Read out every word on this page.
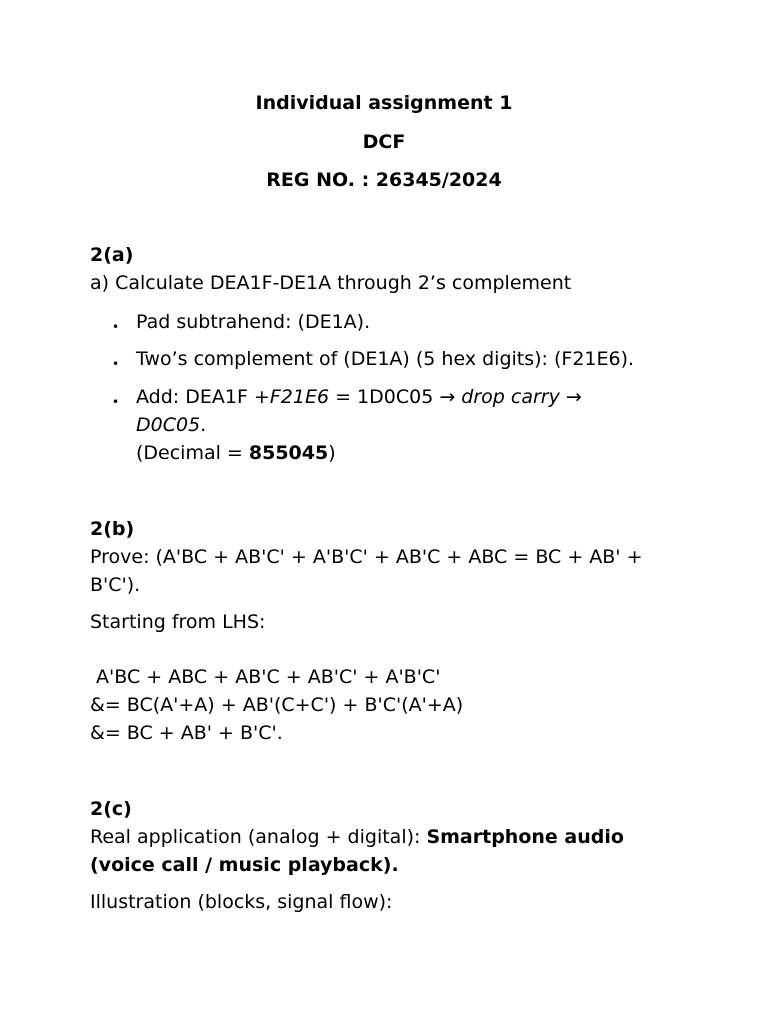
Individual assignment 1
DCF
REG NO. : 26345/2024
2(a)
a) Calculate DEA1F-DE1A through 2’s complement
• Pad subtrahend: (DE1A).
• Two’s complement of (DE1A) (5 hex digits): (F21E6).
• Add: DEA1F +F21E6 = 1D0C05 → drop carry →
D0C05.
(Decimal = 855045)
2(b)
Prove: (A'BC + AB'C' + A'B'C' + AB'C + ABC = BC + AB' +
B'C').
Starting from LHS:
A'BC + ABC + AB'C + AB'C' + A'B'C'
&= BC(A'+A) + AB'(C+C') + B'C'(A'+A)
&= BC + AB' + B'C'.
2(c)
Real application (analog + digital): Smartphone audio
(voice call / music playback).
Illustration (blocks, signal flow):
